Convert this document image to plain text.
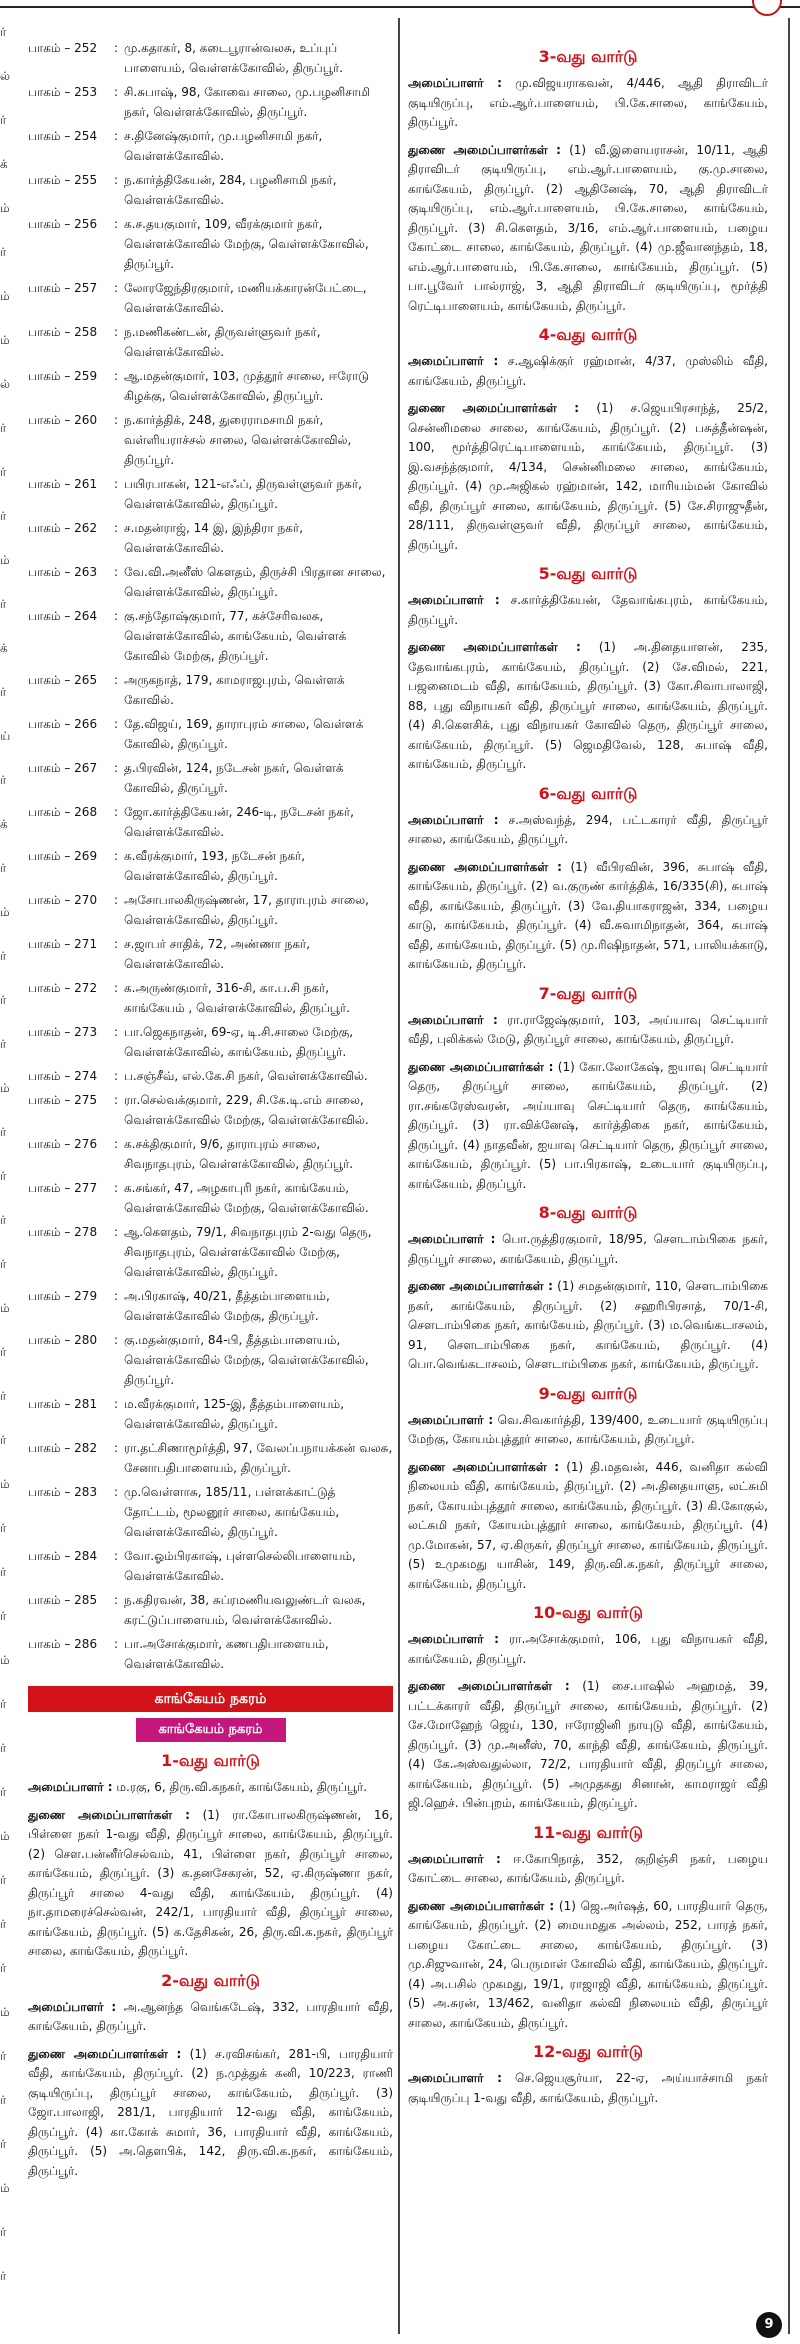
ர்
ல்
ர்
க்
ம்
ர்
ம்
ம்
ல்
ர்
ர்
ர்
ம்
ர்
க்
ர்
ய்
ர்
க்
ர்
ம்
ர்
ர்
ர்
ம்
ர்
ர்
ர்
ர்
ம்
ர்
ர்
ர்
ம்
ர்
ர்
ர்
ம்
ர்
ர்
ர்
ம்
ர்
ர்
ர்
ம்
ர்
ர்
ர்
ம்
ர்
ர்
பாகம் – 252	: மு.கதாகர், 8, கடைபூரான்வலசு, உப்புப் பாளையம், வெள்ளக்கோவில், திருப்பூர்.
பாகம் – 253	: சி.சுபாஷ், 98, கோவை சாலை, மு.பழனிசாமி நகர், வெள்ளக்கோவில், திருப்பூர்.
பாகம் – 254	: ச.தினேஷ்குமார், மு.பழனிசாமி நகர், வெள்ளக்கோவில்.
பாகம் – 255	: ந.கார்த்திகேயன், 284, பழனிசாமி நகர், வெள்ளக்கோவில்.
பாகம் – 256	: க.ச.தயகுமார், 109, வீரக்குமார் நகர், வெள்ளக்கோவில் மேற்கு, வெள்ளக்கோவில், திருப்பூர்.
பாகம் – 257	: லோரஜேந்திரகுமார், மணியக்காரன்பேட்டை, வெள்ளக்கோவில்.
பாகம் – 258	: ந.மணிகண்டன், திருவள்ளுவர் நகர், வெள்ளக்கோவில்.
பாகம் – 259	: ஆ.மதன்குமார், 103, முத்தூர் சாலை, ஈரோடு கிழக்கு, வெள்ளக்கோவில், திருப்பூர்.
பாகம் – 260	: ந.கார்த்திக், 248, துரைராமசாமி நகர், வள்ளியராச்சல் சாலை, வெள்ளக்கோவில், திருப்பூர்.
பாகம் – 261	: பயிரபாகன், 121-எஃப், திருவள்ளுவர் நகர், வெள்ளக்கோவில், திருப்பூர்.
பாகம் – 262	: ச.மதன்ராஜ், 14 இ, இந்திரா நகர், வெள்ளக்கோவில்.
பாகம் – 263	: வே.வி.அனீஸ் கௌதம், திருச்சி பிரதான சாலை, வெள்ளக்கோவில், திருப்பூர்.
பாகம் – 264	: கு.சந்தோஷ்குமார், 77, கச்சேரிவலசு, வெள்ளக்கோவில், காங்கேயம், வெள்ளக் கோவில் மேற்கு, திருப்பூர்.
பாகம் – 265	: அருகநாத், 179, காமராஜபுரம், வெள்ளக் கோவில்.
பாகம் – 266	: தே.விஜய், 169, தாராபுரம் சாலை, வெள்ளக் கோவில், திருப்பூர்.
பாகம் – 267	: த.பிரவின், 124, நடேசன் நகர், வெள்ளக் கோவில், திருப்பூர்.
பாகம் – 268	: ஜோ.கார்த்திகேயன், 246-டி, நடேசன் நகர், வெள்ளக்கோவில்.
பாகம் – 269	: க.வீரக்குமார், 193, நடேசன் நகர், வெள்ளக்கோவில், திருப்பூர்.
பாகம் – 270	: அசோபாலகிருஷ்ணன், 17, தாராபுரம் சாலை, வெள்ளக்கோவில், திருப்பூர்.
பாகம் – 271	: ச.ஜாபர் சாதிக், 72, அண்ணா நகர், வெள்ளக்கோவில்.
பாகம் – 272	: க.அருண்குமார், 316-சி, கா.ப.சி நகர், காங்கேயம் , வெள்ளக்கோவில், திருப்பூர்.
பாகம் – 273	: பா.ஜெகநாதன், 69-ஏ, டி.சி.சாலை மேற்கு, வெள்ளக்கோவில், காங்கேயம், திருப்பூர்.
பாகம் – 274	: ப.சஞ்சீவ், எல்.கே.சி நகர், வெள்ளக்கோவில்.
பாகம் – 275	: ரா.செல்வக்குமார், 229, சி.கே.டி.எம் சாலை, வெள்ளக்கோவில் மேற்கு, வெள்ளக்கோவில்.
பாகம் – 276	: க.சக்திகுமார், 9/6, தாராபுரம் சாலை, சிவநாதபுரம், வெள்ளக்கோவில், திருப்பூர்.
பாகம் – 277	: க.சங்கர், 47, அழகாபுரி நகர், காங்கேயம், வெள்ளக்கோவில் மேற்கு, வெள்ளக்கோவில்.
பாகம் – 278	: ஆ.கௌதம், 79/1, சிவநாதபுரம் 2-வது தெரு, சிவநாதபுரம், வெள்ளக்கோவில் மேற்கு, வெள்ளக்கோவில், திருப்பூர்.
பாகம் – 279	: அ.பிரகாஷ், 40/21, தீத்தம்பாளையம், வெள்ளக்கோவில் மேற்கு, திருப்பூர்.
பாகம் – 280	: கு.மதன்குமார், 84-பி, தீத்தம்பாளையம், வெள்ளக்கோவில் மேற்கு, வெள்ளக்கோவில், திருப்பூர்.
பாகம் – 281	: ம.வீரக்குமார், 125-இ, தீத்தம்பாளையம், வெள்ளக்கோவில், திருப்பூர்.
பாகம் – 282	: ரா.தட்சிணாமூர்த்தி, 97, வேலப்பநாயக்கன் வலசு, சேனாபதிபாளையம், திருப்பூர்.
பாகம் – 283	: மு.வெள்ளாசு, 185/11, பள்ளக்காட்டுத் தோட்டம், மூலனூர் சாலை, காங்கேயம், வெள்ளக்கோவில், திருப்பூர்.
பாகம் – 284	: வோ.ஓம்பிரகாஷ், புள்ளசெல்லிபாளையம், வெள்ளக்கோவில்.
பாகம் – 285	: ந.கதிரவன், 38, சுப்ரமணியவலுண்டர் வலசு, கரட்டுப்பாளையம், வெள்ளக்கோவில்.
பாகம் – 286	: பா.அசோக்குமார், கணபதிபாளையம், வெள்ளக்கோவில்.
காங்கேயம் நகரம்
காங்கேயம் நகரம்
1-வது வார்டு
அமைப்பாளர் : ம.ரகு, 6, திரு.வி.கநகர், காங்கேயம், திருப்பூர்.
துணை அமைப்பாளர்கள் : (1) ரா.கோபாலகிருஷ்ணன், 16, பிள்ளை நகர் 1-வது வீதி, திருப்பூர் சாலை, காங்கேயம், திருப்பூர். (2) சௌ.பன்னீர்செல்வம், 41, பிள்ளை நகர், திருப்பூர் சாலை, காங்கேயம், திருப்பூர். (3) க.தனசேகரன், 52, ஏ.கிருஷ்ணா நகர், திருப்பூர் சாலை 4-வது வீதி, காங்கேயம், திருப்பூர். (4) நா.தாமரைச்செல்வன், 242/1, பாரதியார் வீதி, திருப்பூர் சாலை, காங்கேயம், திருப்பூர். (5) க.தேசிகன், 26, திரு.வி.க.நகர், திருப்பூர் சாலை, காங்கேயம், திருப்பூர்.
2-வது வார்டு
அமைப்பாளர் : அ.ஆனந்த வெங்கடேஷ், 332, பாரதியார் வீதி, காங்கேயம், திருப்பூர்.
துணை அமைப்பாளர்கள் : (1) ச.ரவிசங்கர், 281-பி, பாரதியார் வீதி, காங்கேயம், திருப்பூர். (2) ந.முத்துக் கனி, 10/223, ராணி குடியிருப்பு, திருப்பூர் சாலை, காங்கேயம், திருப்பூர். (3) ஜோ.பாலாஜி, 281/1, பாரதியார் 12-வது வீதி, காங்கேயம், திருப்பூர். (4) கா.கோக் சுமார், 36, பாரதியார் வீதி, காங்கேயம், திருப்பூர். (5) அ.தௌபிக், 142, திரு.வி.க.நகர், காங்கேயம், திருப்பூர்.
3-வது வார்டு
அமைப்பாளர் : மு.விஜயராகவன், 4/446, ஆதி திராவிடர் குடியிருப்பு, எம்.ஆர்.பாளையம், பி.கே.சாலை, காங்கேயம், திருப்பூர்.
துணை அமைப்பாளர்கள் : (1) வீ.இளையராசன், 10/11, ஆதி திராவிடர் குடியிருப்பு, எம்.ஆர்.பாளையம், கு.மு.சாலை, காங்கேயம், திருப்பூர். (2) ஆதினேஷ், 70, ஆதி திராவிடர் குடியிருப்பு, எம்.ஆர்.பாளையம், பி.கே.சாலை, காங்கேயம், திருப்பூர். (3) சி.கௌதம், 3/16, எம்.ஆர்.பாளையம், பழைய கோட்டை சாலை, காங்கேயம், திருப்பூர். (4) மு.ஜீவானந்தம், 18, எம்.ஆர்.பாளையம், பி.கே.சாலை, காங்கேயம், திருப்பூர். (5) பா.பூவேர் பால்ராஜ், 3, ஆதி திராவிடர் குடியிருப்பு, மூர்த்தி ரெட்டிபாளையம், காங்கேயம், திருப்பூர்.
4-வது வார்டு
அமைப்பாளர் : ச.ஆஷிக்குர் ரஹ்மான், 4/37, முஸ்லிம் வீதி, காங்கேயம், திருப்பூர்.
துணை அமைப்பாளர்கள் : (1) ச.ஜெயபிரசாந்த், 25/2, சென்னிமலை சாலை, காங்கேயம், திருப்பூர். (2) பசுத்தீன்ஷன், 100, மூர்த்திரெட்டிபாளையம், காங்கேயம், திருப்பூர். (3) இ.வசந்த்குமார், 4/134, சென்னிமலை சாலை, காங்கேயம், திருப்பூர். (4) மு.அஜிகல் ரஹ்மான், 142, மாரியம்மன் கோவில் வீதி, திருப்பூர் சாலை, காங்கேயம், திருப்பூர். (5) சே.சிராஜுதீன், 28/111, திருவள்ளுவர் வீதி, திருப்பூர் சாலை, காங்கேயம், திருப்பூர்.
5-வது வார்டு
அமைப்பாளர் : ச.கார்த்திகேயன், தேவாங்கபுரம், காங்கேயம், திருப்பூர்.
துணை அமைப்பாளர்கள் : (1) அ.தினதயாளன், 235, தேவாங்கபுரம், காங்கேயம், திருப்பூர். (2) சே.விமல், 221, பஜனைமடம் வீதி, காங்கேயம், திருப்பூர். (3) கோ.சிவாபாலாஜி, 88, புது விநாயகர் வீதி, திருப்பூர் சாலை, காங்கேயம், திருப்பூர். (4) சி.கௌசிக், புது விநாயகர் கோவில் தெரு, திருப்பூர் சாலை, காங்கேயம், திருப்பூர். (5) ஜெமதிவேல், 128, சுபாஷ் வீதி, காங்கேயம், திருப்பூர்.
6-வது வார்டு
அமைப்பாளர் : ச.அஸ்வந்த், 294, பட்டகாரர் வீதி, திருப்பூர் சாலை, காங்கேயம், திருப்பூர்.
துணை அமைப்பாளர்கள் : (1) வீபிரவின், 396, சுபாஷ் வீதி, காங்கேயம், திருப்பூர். (2) வ.குருண் கார்த்திக், 16/335(சி), சுபாஷ் வீதி, காங்கேயம், திருப்பூர். (3) வே.தியாகராஜன், 334, பழைய காடு, காங்கேயம், திருப்பூர். (4) வீ.சுவாமிநாதன், 364, சுபாஷ் வீதி, காங்கேயம், திருப்பூர். (5) மு.ரிஷிநாதன், 571, பாலியக்காடு, காங்கேயம், திருப்பூர்.
7-வது வார்டு
அமைப்பாளர் : ரா.ராஜேஷ்குமார், 103, அய்யாவு செட்டியார் வீதி, புலிக்கல் மேடு, திருப்பூர் சாலை, காங்கேயம், திருப்பூர்.
துணை அமைப்பாளர்கள் : (1) கோ.லோகேஷ், ஐயாவு செட்டியார் தெரு, திருப்பூர் சாலை, காங்கேயம், திருப்பூர். (2) ரா.சங்கரேஸ்வரன், அய்யாவு செட்டியார் தெரு, காங்கேயம், திருப்பூர். (3) ரா.விக்னேஷ், கார்த்திகை நகர், காங்கேயம், திருப்பூர். (4) நாதவீன், ஐயாவு செட்டியார் தெரு, திருப்பூர் சாலை, காங்கேயம், திருப்பூர். (5) பா.பிரகாஷ், உடையார் குடியிருப்பு, காங்கேயம், திருப்பூர்.
8-வது வார்டு
அமைப்பாளர் : பொ.ருத்திரகுமார், 18/95, சௌடாம்பிகை நகர், திருப்பூர் சாலை, காங்கேயம், திருப்பூர்.
துணை அமைப்பாளர்கள் : (1) சமதன்குமார், 110, சௌடாம்பிகை நகர், காங்கேயம், திருப்பூர். (2) சஹரிபிரசாத், 70/1-சி, சௌடாம்பிகை நகர், காங்கேயம், திருப்பூர். (3) ம.வெங்கடாசலம், 91, சௌடாம்பிகை நகர், காங்கேயம், திருப்பூர். (4) பொ.வெங்கடாசலம், சௌடாம்பிகை நகர், காங்கேயம், திருப்பூர்.
9-வது வார்டு
அமைப்பாளர் : வெ.சிவகார்த்தி, 139/400, உடையார் குடியிருப்பு மேற்கு, கோயம்புத்தூர் சாலை, காங்கேயம், திருப்பூர்.
துணை அமைப்பாளர்கள் : (1) தி.மதவன், 446, வனிதா கல்வி நிலையம் வீதி, காங்கேயம், திருப்பூர். (2) அ.தினதயாளு, லட்சுமி நகர், கோயம்புத்தூர் சாலை, காங்கேயம், திருப்பூர். (3) கி.கோகுல், லட்சுமி நகர், கோயம்புத்தூர் சாலை, காங்கேயம், திருப்பூர். (4) மு.மோகன், 57, ஏ.கிருகர், திருப்பூர் சாலை, காங்கேயம், திருப்பூர். (5) உமுகமது யாசின், 149, திரு.வி.க.நகர், திருப்பூர் சாலை, காங்கேயம், திருப்பூர்.
10-வது வார்டு
அமைப்பாளர் : ரா.அசோக்குமார், 106, புது விநாயகர் வீதி, காங்கேயம், திருப்பூர்.
துணை அமைப்பாளர்கள் : (1) சை.பாஷில் அஹமத், 39, பட்டக்காரர் வீதி, திருப்பூர் சாலை, காங்கேயம், திருப்பூர். (2) சே.மோஹேந் ஜெய், 130, ஈரோஜினி நாயுடு வீதி, காங்கேயம், திருப்பூர். (3) மு.அனீஸ், 70, காந்தி வீதி, காங்கேயம், திருப்பூர். (4) கே.அஸ்வதுல்லா, 72/2, பாரதியார் வீதி, திருப்பூர் சாலை, காங்கேயம், திருப்பூர். (5) அமுதசுது சினான், காமராஜர் வீதி ஜி.ஹெச். பின்புறம், காங்கேயம், திருப்பூர்.
11-வது வார்டு
அமைப்பாளர் : ஈ.கோபிநாத், 352, குறிஞ்சி நகர், பழைய கோட்டை சாலை, காங்கேயம், திருப்பூர்.
துணை அமைப்பாளர்கள் : (1) ஜெ.அர்ஷத், 60, பாரதியார் தெரு, காங்கேயம், திருப்பூர். (2) மையமதுக அல்லம், 252, பாரத் நகர், பழைய கோட்டை சாலை, காங்கேயம், திருப்பூர். (3) மு.சிஜுவான், 24, பெருமாள் கோவில் வீதி, காங்கேயம், திருப்பூர். (4) அ.பசில் முகமது, 19/1, ராஜாஜி வீதி, காங்கேயம், திருப்பூர். (5) அ.சுரன், 13/462, வனிதா கல்வி நிலையம் வீதி, திருப்பூர் சாலை, காங்கேயம், திருப்பூர்.
12-வது வார்டு
அமைப்பாளர் : செ.ஜெயசூர்யா, 22-ஏ, அய்யாச்சாமி நகர் குடியிருப்பு 1-வது வீதி, காங்கேயம், திருப்பூர்.
9
